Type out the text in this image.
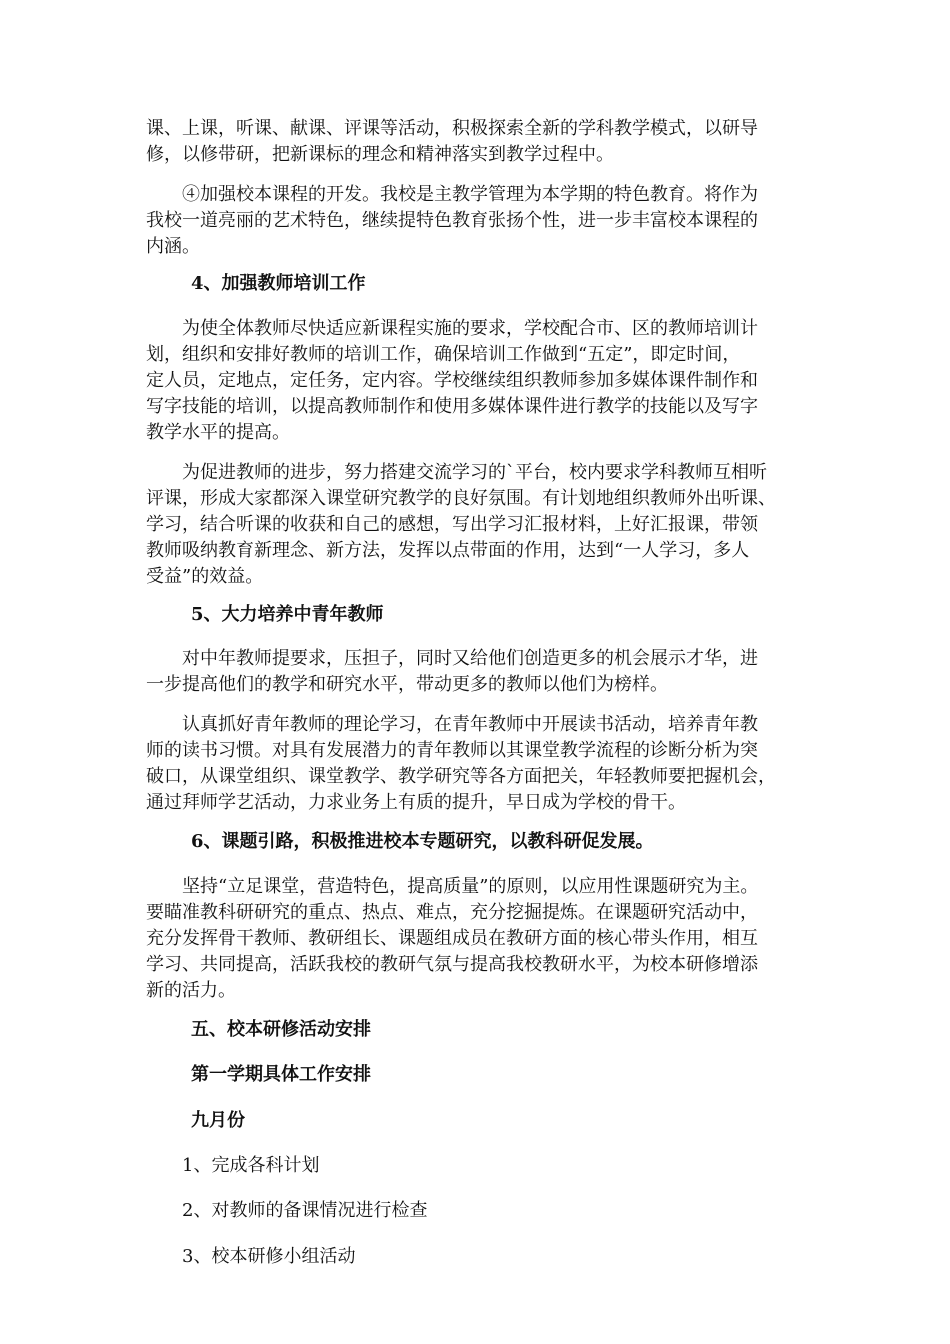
课、上课，听课、献课、评课等活动，积极探索全新的学科教学模式，以研导
修，以修带研，把新课标的理念和精神落实到教学过程中。
④加强校本课程的开发。我校是主教学管理为本学期的特色教育。将作为
我校一道亮丽的艺术特色，继续提特色教育张扬个性，进一步丰富校本课程的
内涵。
4、加强教师培训工作
为使全体教师尽快适应新课程实施的要求，学校配合市、区的教师培训计
划，组织和安排好教师的培训工作，确保培训工作做到“五定”，即定时间，
定人员，定地点，定任务，定内容。学校继续组织教师参加多媒体课件制作和
写字技能的培训，以提高教师制作和使用多媒体课件进行教学的技能以及写字
教学水平的提高。
为促进教师的进步，努力搭建交流学习的`平台，校内要求学科教师互相听
评课，形成大家都深入课堂研究教学的良好氛围。有计划地组织教师外出听课、
学习，结合听课的收获和自己的感想，写出学习汇报材料，上好汇报课，带领
教师吸纳教育新理念、新方法，发挥以点带面的作用，达到“一人学习，多人
受益”的效益。
5、大力培养中青年教师
对中年教师提要求，压担子，同时又给他们创造更多的机会展示才华，进
一步提高他们的教学和研究水平，带动更多的教师以他们为榜样。
认真抓好青年教师的理论学习，在青年教师中开展读书活动，培养青年教
师的读书习惯。对具有发展潜力的青年教师以其课堂教学流程的诊断分析为突
破口，从课堂组织、课堂教学、教学研究等各方面把关，年轻教师要把握机会，
通过拜师学艺活动，力求业务上有质的提升，早日成为学校的骨干。
6、课题引路，积极推进校本专题研究，以教科研促发展。
坚持“立足课堂，营造特色，提高质量”的原则，以应用性课题研究为主。
要瞄准教科研研究的重点、热点、难点，充分挖掘提炼。在课题研究活动中，
充分发挥骨干教师、教研组长、课题组成员在教研方面的核心带头作用，相互
学习、共同提高，活跃我校的教研气氛与提高我校教研水平，为校本研修增添
新的活力。
五、校本研修活动安排
第一学期具体工作安排
九月份
1、完成各科计划
2、对教师的备课情况进行检查
3、校本研修小组活动
